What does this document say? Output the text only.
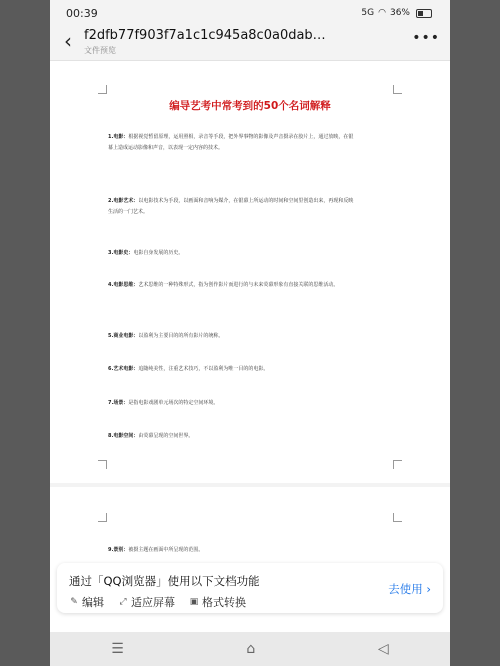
00:39	5G ◠ 36%
‹ f2dfb77f903f7a1c1c945a8c0a0dab…
文件预览
•••
编导艺考中常考到的50个名词解释
1.电影：根据视觉暂留原理，运用照相，录音等手段，把外界事物的影像及声音摄录在胶片上，通过放映，在银幕上造成运动影像和声音，以表现一定内容的技术。
2.电影艺术：以电影技术为手段，以画面和音响为媒介，在银幕上所运动的时间和空间里创造出来，再现和反映生活的一门艺术。
3.电影史：电影自身发展的历史。
4.电影思维：艺术思维的一种特殊形式，指为创作影片而进行的与未来荧幕形象有直接关联的思维活动。
5.商业电影：以盈利为主要目的的所有影片的统称。
6.艺术电影：追随纯美性，注重艺术技巧，不以盈利为唯一目的的电影。
7.场景：是指电影戏剧单元场次的特定空间环境。
8.电影空间：由荧幕呈现的空间世界。
9.景别：被摄主题在画面中所呈现的范围。
通过「QQ浏览器」使用以下文档功能
✎ 编辑 ⤢ 适应屏幕 ▣ 格式转换
去使用 ›
☰	⌂	◁
